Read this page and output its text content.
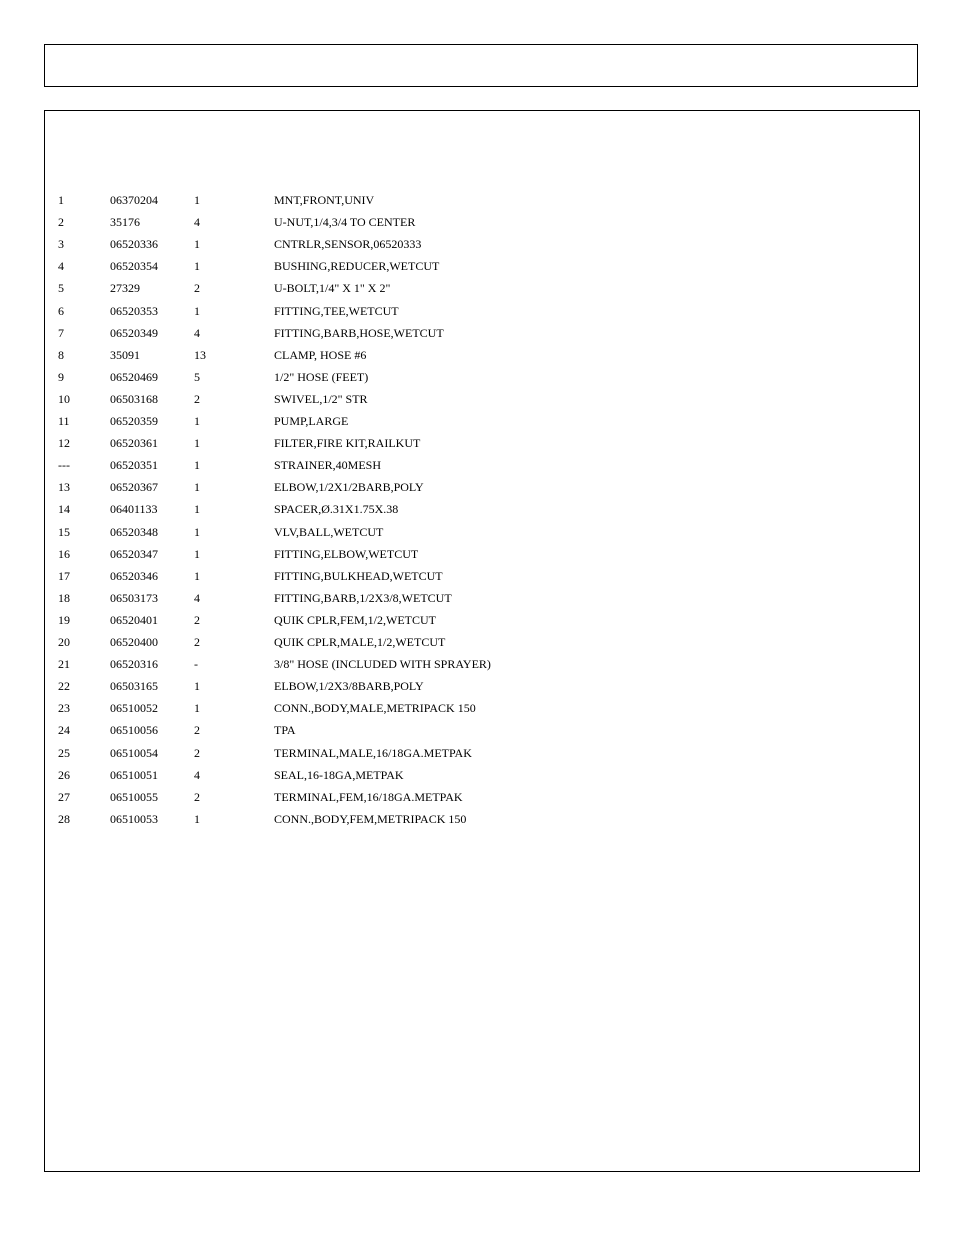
1	06370204	1	MNT,FRONT,UNIV
2	35176	4	U-NUT,1/4,3/4 TO CENTER
3	06520336	1	CNTRLR,SENSOR,06520333
4	06520354	1	BUSHING,REDUCER,WETCUT
5	27329	2	U-BOLT,1/4" X 1" X 2"
6	06520353	1	FITTING,TEE,WETCUT
7	06520349	4	FITTING,BARB,HOSE,WETCUT
8	35091	13	CLAMP, HOSE #6
9	06520469	5	1/2" HOSE (FEET)
10	06503168	2	SWIVEL,1/2" STR
11	06520359	1	PUMP,LARGE
12	06520361	1	FILTER,FIRE KIT,RAILKUT
---	06520351	1	STRAINER,40MESH
13	06520367	1	ELBOW,1/2X1/2BARB,POLY
14	06401133	1	SPACER,Ø.31X1.75X.38
15	06520348	1	VLV,BALL,WETCUT
16	06520347	1	FITTING,ELBOW,WETCUT
17	06520346	1	FITTING,BULKHEAD,WETCUT
18	06503173	4	FITTING,BARB,1/2X3/8,WETCUT
19	06520401	2	QUIK CPLR,FEM,1/2,WETCUT
20	06520400	2	QUIK CPLR,MALE,1/2,WETCUT
21	06520316	-	3/8" HOSE (INCLUDED WITH SPRAYER)
22	06503165	1	ELBOW,1/2X3/8BARB,POLY
23	06510052	1	CONN.,BODY,MALE,METRIPACK 150
24	06510056	2	TPA
25	06510054	2	TERMINAL,MALE,16/18GA.METPAK
26	06510051	4	SEAL,16-18GA,METPAK
27	06510055	2	TERMINAL,FEM,16/18GA.METPAK
28	06510053	1	CONN.,BODY,FEM,METRIPACK 150
